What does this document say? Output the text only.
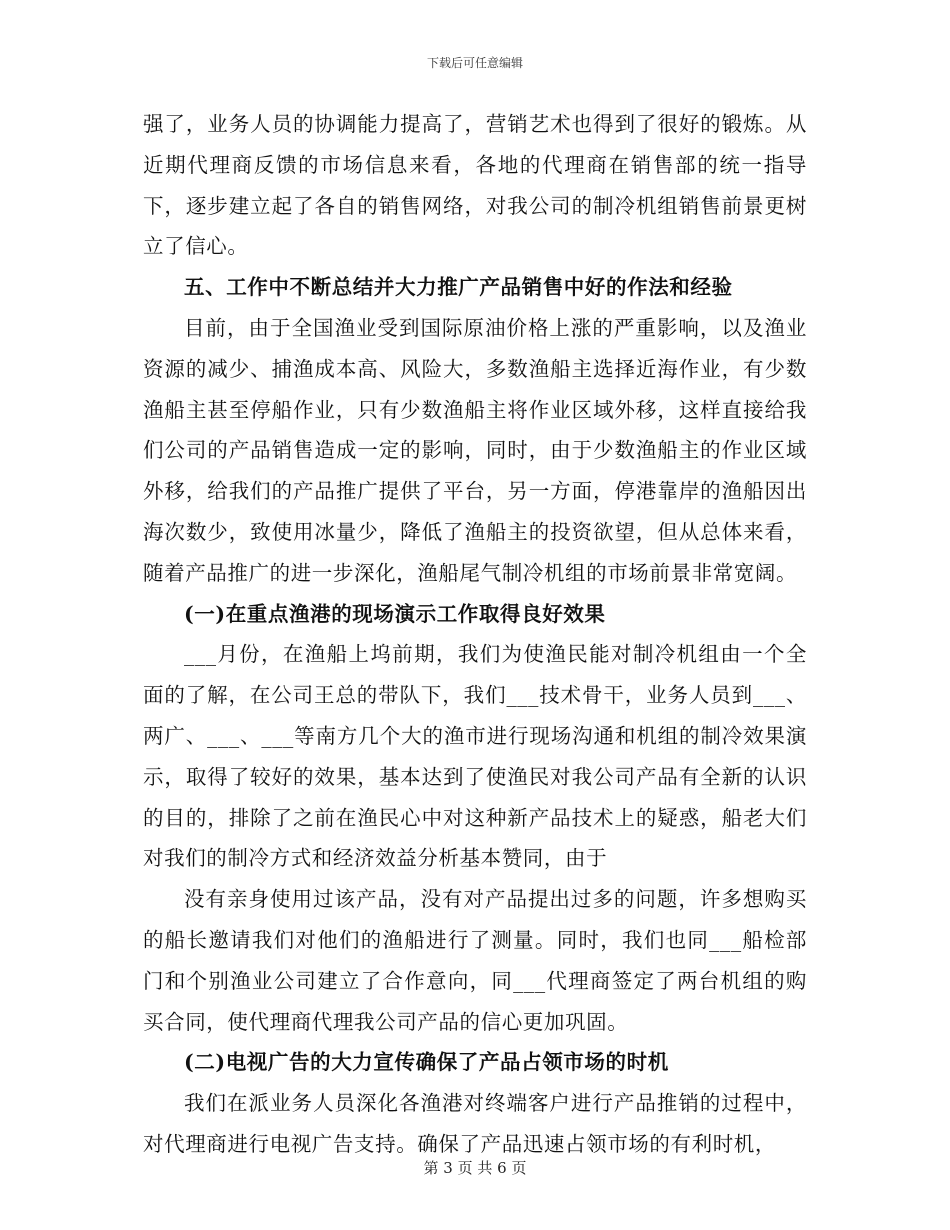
下载后可任意编辑

强了，业务人员的协调能力提高了，营销艺术也得到了很好的锻炼。从近期代理商反馈的市场信息来看，各地的代理商在销售部的统一指导下，逐步建立起了各自的销售网络，对我公司的制冷机组销售前景更树立了信心。

五、工作中不断总结并大力推广产品销售中好的作法和经验

目前，由于全国渔业受到国际原油价格上涨的严重影响，以及渔业资源的减少、捕渔成本高、风险大，多数渔船主选择近海作业，有少数渔船主甚至停船作业，只有少数渔船主将作业区域外移，这样直接给我们公司的产品销售造成一定的影响，同时，由于少数渔船主的作业区域外移，给我们的产品推广提供了平台，另一方面，停港靠岸的渔船因出海次数少，致使用冰量少，降低了渔船主的投资欲望，但从总体来看，随着产品推广的进一步深化，渔船尾气制冷机组的市场前景非常宽阔。

(一)在重点渔港的现场演示工作取得良好效果

___月份，在渔船上坞前期，我们为使渔民能对制冷机组由一个全面的了解，在公司王总的带队下，我们___技术骨干，业务人员到___、两广、___、___等南方几个大的渔市进行现场沟通和机组的制冷效果演示，取得了较好的效果，基本达到了使渔民对我公司产品有全新的认识的目的，排除了之前在渔民心中对这种新产品技术上的疑惑，船老大们对我们的制冷方式和经济效益分析基本赞同，由于

没有亲身使用过该产品，没有对产品提出过多的问题，许多想购买的船长邀请我们对他们的渔船进行了测量。同时，我们也同___船检部门和个别渔业公司建立了合作意向，同___代理商签定了两台机组的购买合同，使代理商代理我公司产品的信心更加巩固。

(二)电视广告的大力宣传确保了产品占领市场的时机

我们在派业务人员深化各渔港对终端客户进行产品推销的过程中，对代理商进行电视广告支持。确保了产品迅速占领市场的有利时机，

第 3 页 共 6 页
